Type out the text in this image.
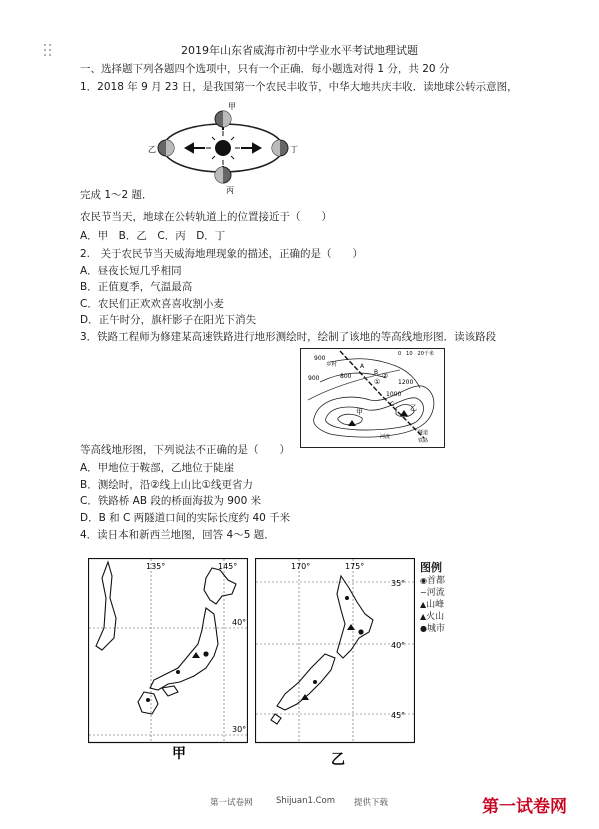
2019年山东省威海市初中学业水平考试地理试题
一、选择题下列各题四个选项中，只有一个正确．每小题选对得 1 分，共 20 分
1．2018 年 9 月 23 日，是我国第一个农民丰收节，中华大地共庆丰收．读地球公转示意图，
甲
乙
丙
丁
完成 1～2 题．
农民节当天，地球在公转轨道上的位置接近于（　　）
A．甲　B．乙　C．丙　D．丁
2.　关于农民节当天威海地理现象的描述，正确的是（　　）
A．昼夜长短几乎相同
B．正值夏季，气温最高
C．农民们正欢欢喜喜收割小麦
D．正午时分，旗杆影子在阳光下消失
3．铁路工程师为修建某高速铁路进行地形测绘时，绘制了该地的等高线地形图．读该路段
900
800
900
1200
1000
A
B
C
①
②
甲	乙
乡村
0　10　20千米
隧道
铁路
河流
等高线地形图，下列说法不正确的是（　　）
A．甲地位于鞍部，乙地位于陡崖
B．测绘时，沿②线上山比①线更省力
C．铁路桥 AB 段的桥面海拔为 900 米
D．B 和 C 两隧道口间的实际长度约 40 千米
4．读日本和新西兰地图，回答 4～5 题．
135°	145°
40°
30°
甲
170°	175°
35°
40°
45°
乙
图例
◉首都
∼河流
▲山峰
▲火山
●城市
第一试卷网	Shijuan1.Com 提供下载	第一试卷网
